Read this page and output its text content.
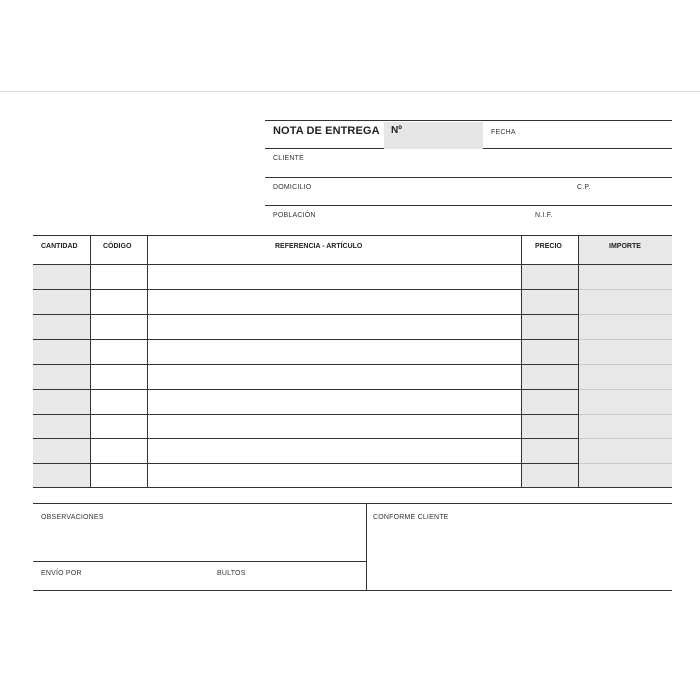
NOTA DE ENTREGA Nº	FECHA
CLIENTE
DOMICILIO	C.P.
POBLACIÓN	N.I.F.
CANTIDAD	CÓDIGO	REFERENCIA - ARTÍCULO	PRECIO	IMPORTE
OBSERVACIONES
ENVÍO POR	BULTOS
CONFORME CLIENTE
